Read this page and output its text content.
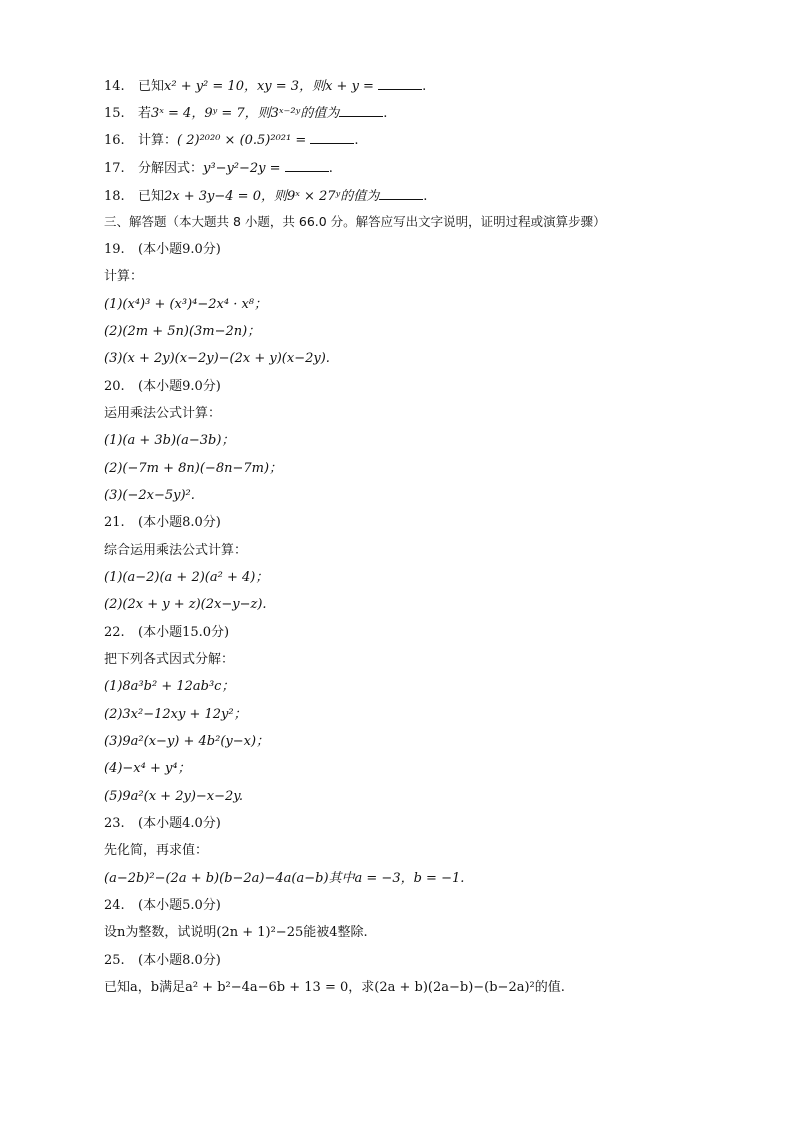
14. 已知x² + y² = 10，xy = 3，则x + y =	.
15. 若3ˣ = 4，9ʸ = 7，则3ˣ⁻²ʸ的值为	.
16. 计算：( 2)²⁰²⁰ × (0.5)²⁰²¹ =	.
17. 分解因式：y³−y²−2y =	.
18. 已知2x + 3y−4 = 0，则9ˣ × 27ʸ的值为	.
三、解答题（本大题共 8 小题，共 66.0 分。解答应写出文字说明，证明过程或演算步骤）
19. (本小题9.0分)
计算：
(1)(x⁴)³ + (x³)⁴−2x⁴ · x⁸；
(2)(2m + 5n)(3m−2n)；
(3)(x + 2y)(x−2y)−(2x + y)(x−2y).
20. (本小题9.0分)
运用乘法公式计算：
(1)(a + 3b)(a−3b)；
(2)(−7m + 8n)(−8n−7m)；
(3)(−2x−5y)².
21. (本小题8.0分)
综合运用乘法公式计算：
(1)(a−2)(a + 2)(a² + 4)；
(2)(2x + y + z)(2x−y−z).
22. (本小题15.0分)
把下列各式因式分解：
(1)8a³b² + 12ab³c；
(2)3x²−12xy + 12y²；
(3)9a²(x−y) + 4b²(y−x)；
(4)−x⁴ + y⁴；
(5)9a²(x + 2y)−x−2y.
23. (本小题4.0分)
先化简，再求值：
(a−2b)²−(2a + b)(b−2a)−4a(a−b)其中a = −3，b = −1.
24. (本小题5.0分)
设n为整数，试说明(2n + 1)²−25能被4整除.
25. (本小题8.0分)
已知a，b满足a² + b²−4a−6b + 13 = 0，求(2a + b)(2a−b)−(b−2a)²的值.
